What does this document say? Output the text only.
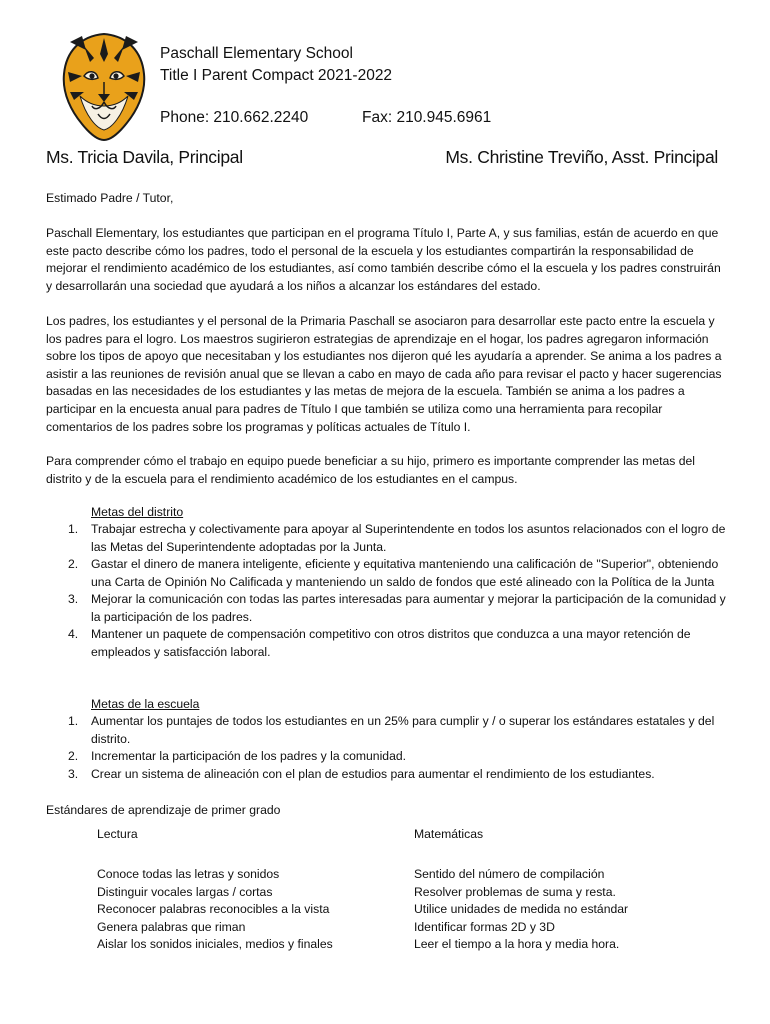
Paschall Elementary School
Title I Parent Compact 2021-2022
Phone: 210.662.2240	Fax: 210.945.6961
Ms. Tricia Davila, Principal	Ms. Christine Treviño, Asst. Principal
Estimado Padre / Tutor,
Paschall Elementary, los estudiantes que participan en el programa Título I, Parte A, y sus familias, están de acuerdo en que este pacto describe cómo los padres, todo el personal de la escuela y los estudiantes compartirán la responsabilidad de mejorar el rendimiento académico de los estudiantes, así como también describe cómo el la escuela y los padres construirán y desarrollarán una sociedad que ayudará a los niños a alcanzar los estándares del estado.
Los padres, los estudiantes y el personal de la Primaria Paschall se asociaron para desarrollar este pacto entre la escuela y los padres para el logro. Los maestros sugirieron estrategias de aprendizaje en el hogar, los padres agregaron información sobre los tipos de apoyo que necesitaban y los estudiantes nos dijeron qué les ayudaría a aprender. Se anima a los padres a asistir a las reuniones de revisión anual que se llevan a cabo en mayo de cada año para revisar el pacto y hacer sugerencias basadas en las necesidades de los estudiantes y las metas de mejora de la escuela. También se anima a los padres a participar en la encuesta anual para padres de Título I que también se utiliza como una herramienta para recopilar comentarios de los padres sobre los programas y políticas actuales de Título I.
Para comprender cómo el trabajo en equipo puede beneficiar a su hijo, primero es importante comprender las metas del distrito y de la escuela para el rendimiento académico de los estudiantes en el campus.
Metas del distrito
1. Trabajar estrecha y colectivamente para apoyar al Superintendente en todos los asuntos relacionados con el logro de las Metas del Superintendente adoptadas por la Junta.
2. Gastar el dinero de manera inteligente, eficiente y equitativa manteniendo una calificación de "Superior", obteniendo una Carta de Opinión No Calificada y manteniendo un saldo de fondos que esté alineado con la Política de la Junta
3. Mejorar la comunicación con todas las partes interesadas para aumentar y mejorar la participación de la comunidad y la participación de los padres.
4. Mantener un paquete de compensación competitivo con otros distritos que conduzca a una mayor retención de empleados y satisfacción laboral.
Metas de la escuela
1. Aumentar los puntajes de todos los estudiantes en un 25% para cumplir y / o superar los estándares estatales y del distrito.
2. Incrementar la participación de los padres y la comunidad.
3. Crear un sistema de alineación con el plan de estudios para aumentar el rendimiento de los estudiantes.
Estándares de aprendizaje de primer grado
Lectura
Conoce todas las letras y sonidos
Distinguir vocales largas / cortas
Reconocer palabras reconocibles a la vista
Genera palabras que riman
Aislar los sonidos iniciales, medios y finales
Matemáticas
Sentido del número de compilación
Resolver problemas de suma y resta.
Utilice unidades de medida no estándar
Identificar formas 2D y 3D
Leer el tiempo a la hora y media hora.
